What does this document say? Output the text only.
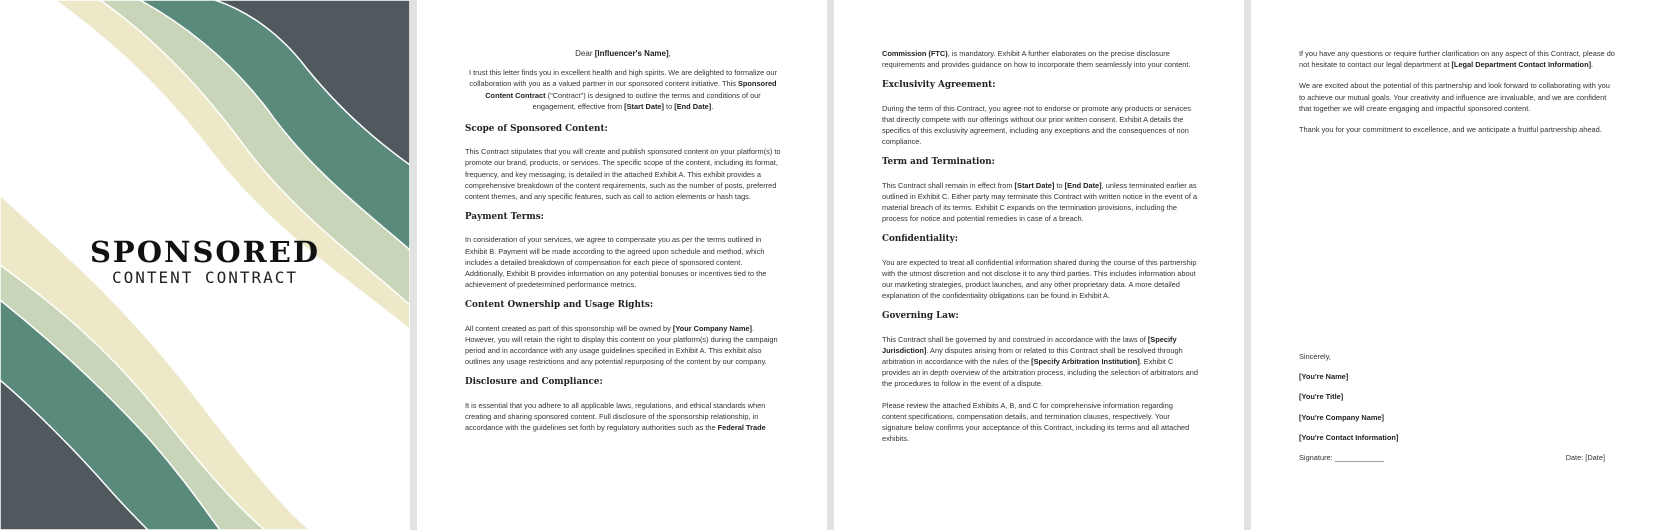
SPONSORED
CONTENT CONTRACT

Dear [Influencer's Name],

I trust this letter finds you in excellent health and high spirits. We are delighted to formalize our collaboration with you as a valued partner in our sponsored content initiative. This Sponsored Content Contract ("Contract") is designed to outline the terms and conditions of our engagement, effective from [Start Date] to [End Date].

Scope of Sponsored Content:

This Contract stipulates that you will create and publish sponsored content on your platform(s) to promote our brand, products, or services. The specific scope of the content, including its format, frequency, and key messaging, is detailed in the attached Exhibit A. This exhibit provides a comprehensive breakdown of the content requirements, such as the number of posts, preferred content themes, and any specific features, such as call to action elements or hash tags.

Payment Terms:

In consideration of your services, we agree to compensate you as per the terms outlined in Exhibit B. Payment will be made according to the agreed upon schedule and method, which includes a detailed breakdown of compensation for each piece of sponsored content. Additionally, Exhibit B provides information on any potential bonuses or incentives tied to the achievement of predetermined performance metrics.

Content Ownership and Usage Rights:

All content created as part of this sponsorship will be owned by [Your Company Name]. However, you will retain the right to display this content on your platform(s) during the campaign period and in accordance with any usage guidelines specified in Exhibit A. This exhibit also outlines any usage restrictions and any potential repurposing of the content by our company.

Disclosure and Compliance:

It is essential that you adhere to all applicable laws, regulations, and ethical standards when creating and sharing sponsored content. Full disclosure of the sponsorship relationship, in accordance with the guidelines set forth by regulatory authorities such as the Federal Trade

Commission (FTC), is mandatory. Exhibit A further elaborates on the precise disclosure requirements and provides guidance on how to incorporate them seamlessly into your content.

Exclusivity Agreement:

During the term of this Contract, you agree not to endorse or promote any products or services that directly compete with our offerings without our prior written consent. Exhibit A details the specifics of this exclusivity agreement, including any exceptions and the consequences of non compliance.

Term and Termination:

This Contract shall remain in effect from [Start Date] to [End Date], unless terminated earlier as outlined in Exhibit C. Either party may terminate this Contract with written notice in the event of a material breach of its terms. Exhibit C expands on the termination provisions, including the process for notice and potential remedies in case of a breach.

Confidentiality:

You are expected to treat all confidential information shared during the course of this partnership with the utmost discretion and not disclose it to any third parties. This includes information about our marketing strategies, product launches, and any other proprietary data. A more detailed explanation of the confidentiality obligations can be found in Exhibit A.

Governing Law:

This Contract shall be governed by and construed in accordance with the laws of [Specify Jurisdiction]. Any disputes arising from or related to this Contract shall be resolved through arbitration in accordance with the rules of the [Specify Arbitration Institution]. Exhibit C provides an in depth overview of the arbitration process, including the selection of arbitrators and the procedures to follow in the event of a dispute.

Please review the attached Exhibits A, B, and C for comprehensive information regarding content specifications, compensation details, and termination clauses, respectively. Your signature below confirms your acceptance of this Contract, including its terms and all attached exhibits.

If you have any questions or require further clarification on any aspect of this Contract, please do not hesitate to contact our legal department at [Legal Department Contact Information].

We are excited about the potential of this partnership and look forward to collaborating with you to achieve our mutual goals. Your creativity and influence are invaluable, and we are confident that together we will create engaging and impactful sponsored content.

Thank you for your commitment to excellence, and we anticipate a fruitful partnership ahead.

Sincerely,

[You're Name]

[You're Title]

[You're Company Name]

[You're Contact Information]

Signature: ____________	Date: [Date]
